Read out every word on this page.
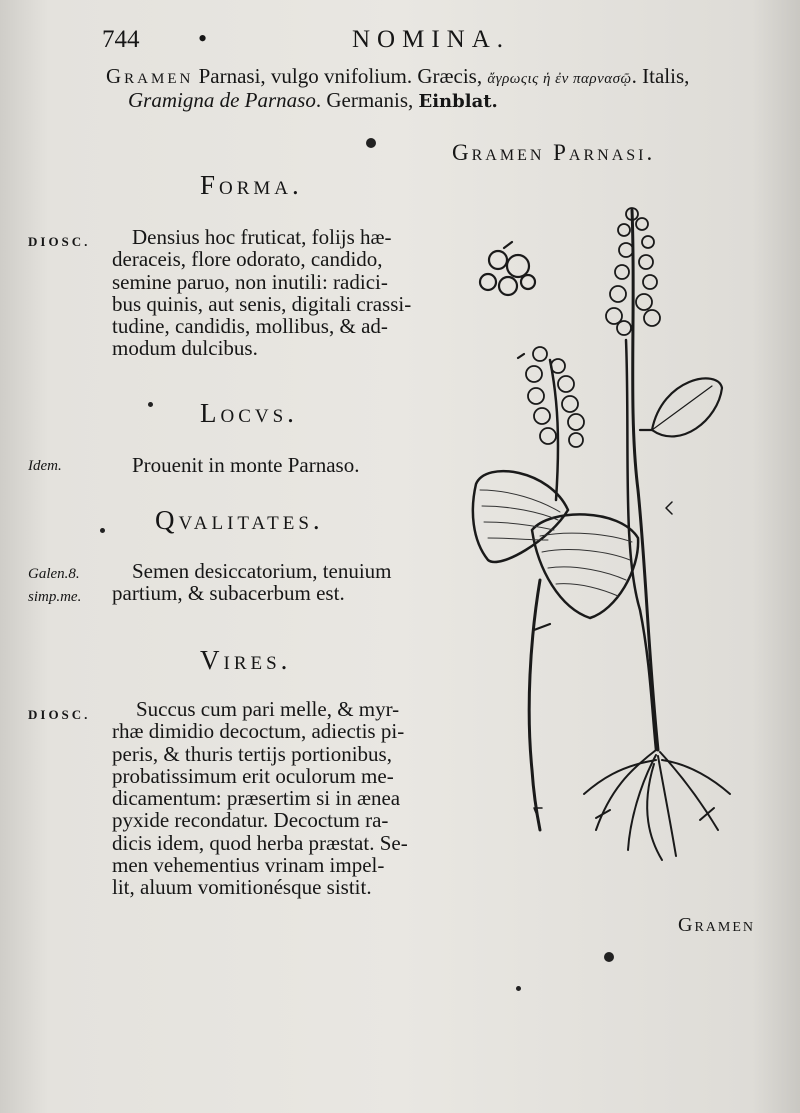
744 •	NOMINA.
Gramen Parnasi, vulgo vnifolium. Græcis, ἄγρωςις ἡ ἐν παρνασῷ. Italis,
Gramigna de Parnaso. Germanis, Einblat.
Gramen Parnasi.
Forma.
DIOSC.	Densius hoc fruticat, folijs hæ-
deraceis, flore odorato, candido,
semine paruo, non inutili: radici-
bus quinis, aut senis, digitali crassi-
tudine, candidis, mollibus, & ad-
modum dulcibus.
Locvs.
Idem.	Prouenit in monte Parnaso.
Qvalitates.
Galen.8.
simp.me.
Semen desiccatorium, tenuium
partium, & subacerbum est.
Vires.
DIOSC.	Succus cum pari melle, & myr-
rhæ dimidio decoctum, adiectis pi-
peris, & thuris tertijs portionibus,
probatissimum erit oculorum me-
dicamentum: præsertim si in ænea
pyxide recondatur. Decoctum ra-
dicis idem, quod herba præstat. Se-
men vehementius vrinam impel-
lit, aluum vomitionésque sistit.
Gramen
